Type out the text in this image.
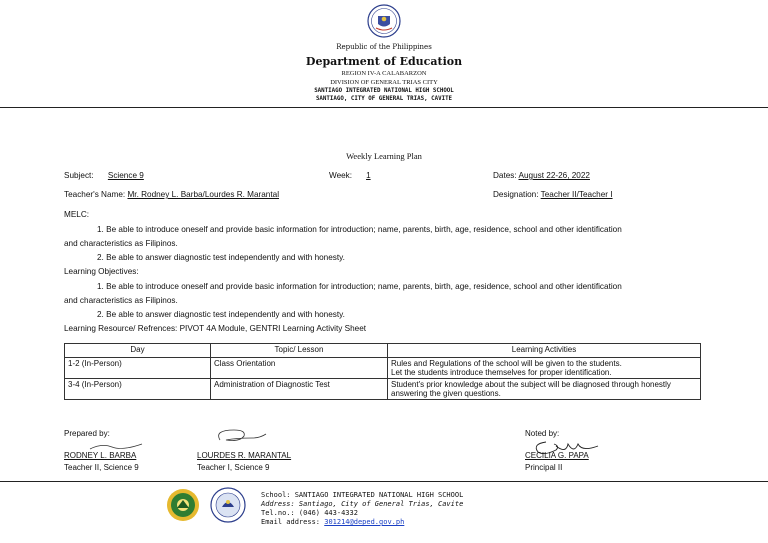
Republic of the Philippines
Department of Education
REGION IV-A CALABARZON
DIVISION OF GENERAL TRIAS CITY
SANTIAGO INTEGRATED NATIONAL HIGH SCHOOL
SANTIAGO, CITY OF GENERAL TRIAS, CAVITE
Weekly Learning Plan
Subject: Science 9	Week: 1	Dates: August 22-26, 2022
Teacher's Name: Mr. Rodney L. Barba/Lourdes R. Marantal	Designation: Teacher II/Teacher I
MELC:
1. Be able to introduce oneself and provide basic information for introduction; name, parents, birth, age, residence, school and other identification
and characteristics as Filipinos.
2. Be able to answer diagnostic test independently and with honesty.
Learning Objectives:
1. Be able to introduce oneself and provide basic information for introduction; name, parents, birth, age, residence, school and other identification
and characteristics as Filipinos.
2. Be able to answer diagnostic test independently and with honesty.
Learning Resource/ Refrences: PIVOT 4A Module, GENTRI Learning Activity Sheet
Day	Topic/ Lesson	Learning Activities
1-2 (In-Person)	Class Orientation	Rules and Regulations of the school will be given to the students.
Let the students introduce themselves for proper identification.

3-4 (In-Person)	Administration of Diagnostic Test	Student's prior knowledge about the subject will be diagnosed through honestly
answering the given questions.
Prepared by:	Noted by:
RODNEY L. BARBA
Teacher II, Science 9
LOURDES R. MARANTAL
Teacher I, Science 9
CECILIA G. PAPA
Principal II
School: SANTIAGO INTEGRATED NATIONAL HIGH SCHOOL
Address: Santiago, City of General Trias, Cavite
Tel.no.: (046) 443-4332
Email address: 301214@deped.gov.ph
